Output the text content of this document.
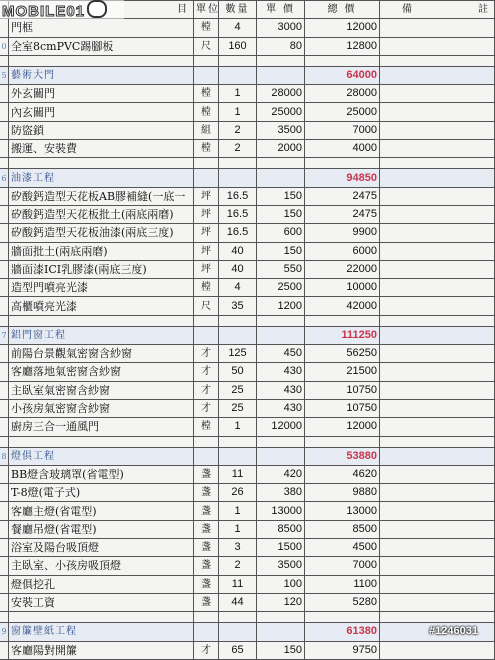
	目	單位	數量	單 價	總 價	備 註

	門框	樘	4	3000	12000	
0	全室8cmPVC踢腳板	尺	160	80	12800	

5	藝術大門				64000	
	外玄關門	樘	1	28000	28000	
	內玄關門	樘	1	25000	25000	
	防盜鎖	組	2	3500	7000	
	搬運、安裝費	樘	2	2000	4000	

6	油漆工程				94850	
	矽酸鈣造型天花板AB膠補縫(一底一	坪	16.5	150	2475	
	矽酸鈣造型天花板批土(兩底兩磨)	坪	16.5	150	2475	
	矽酸鈣造型天花板油漆(兩底三度)	坪	16.5	600	9900	
	牆面批土(兩底兩磨)	坪	40	150	6000	
	牆面漆ICI乳膠漆(兩底三度)	坪	40	550	22000	
	造型門噴亮光漆	樘	4	2500	10000	
	高櫃噴亮光漆	尺	35	1200	42000	

7	鋁門窗工程				111250	
	前陽台景觀氣密窗含紗窗	才	125	450	56250	
	客廳落地氣密窗含紗窗	才	50	430	21500	
	主臥室氣密窗含紗窗	才	25	430	10750	
	小孩房氣密窗含紗窗	才	25	430	10750	
	廚房三合一通風門	樘	1	12000	12000	

8	燈俱工程				53880	
	BB燈含玻璃罩(省電型)	盞	11	420	4620	
	T-8燈(電子式)	盞	26	380	9880	
	客廳主燈(省電型)	盞	1	13000	13000	
	餐廳吊燈(省電型)	盞	1	8500	8500	
	浴室及陽台吸頂燈	盞	3	1500	4500	
	主臥室、小孩房吸頂燈	盞	2	3500	7000	
	燈俱挖孔	盞	11	100	1100	
	安裝工資	盞	44	120	5280	

9	窗簾壁紙工程				61380	
	客廳陽對開簾	才	65	150	9750	
MOBILE01
#1246031
